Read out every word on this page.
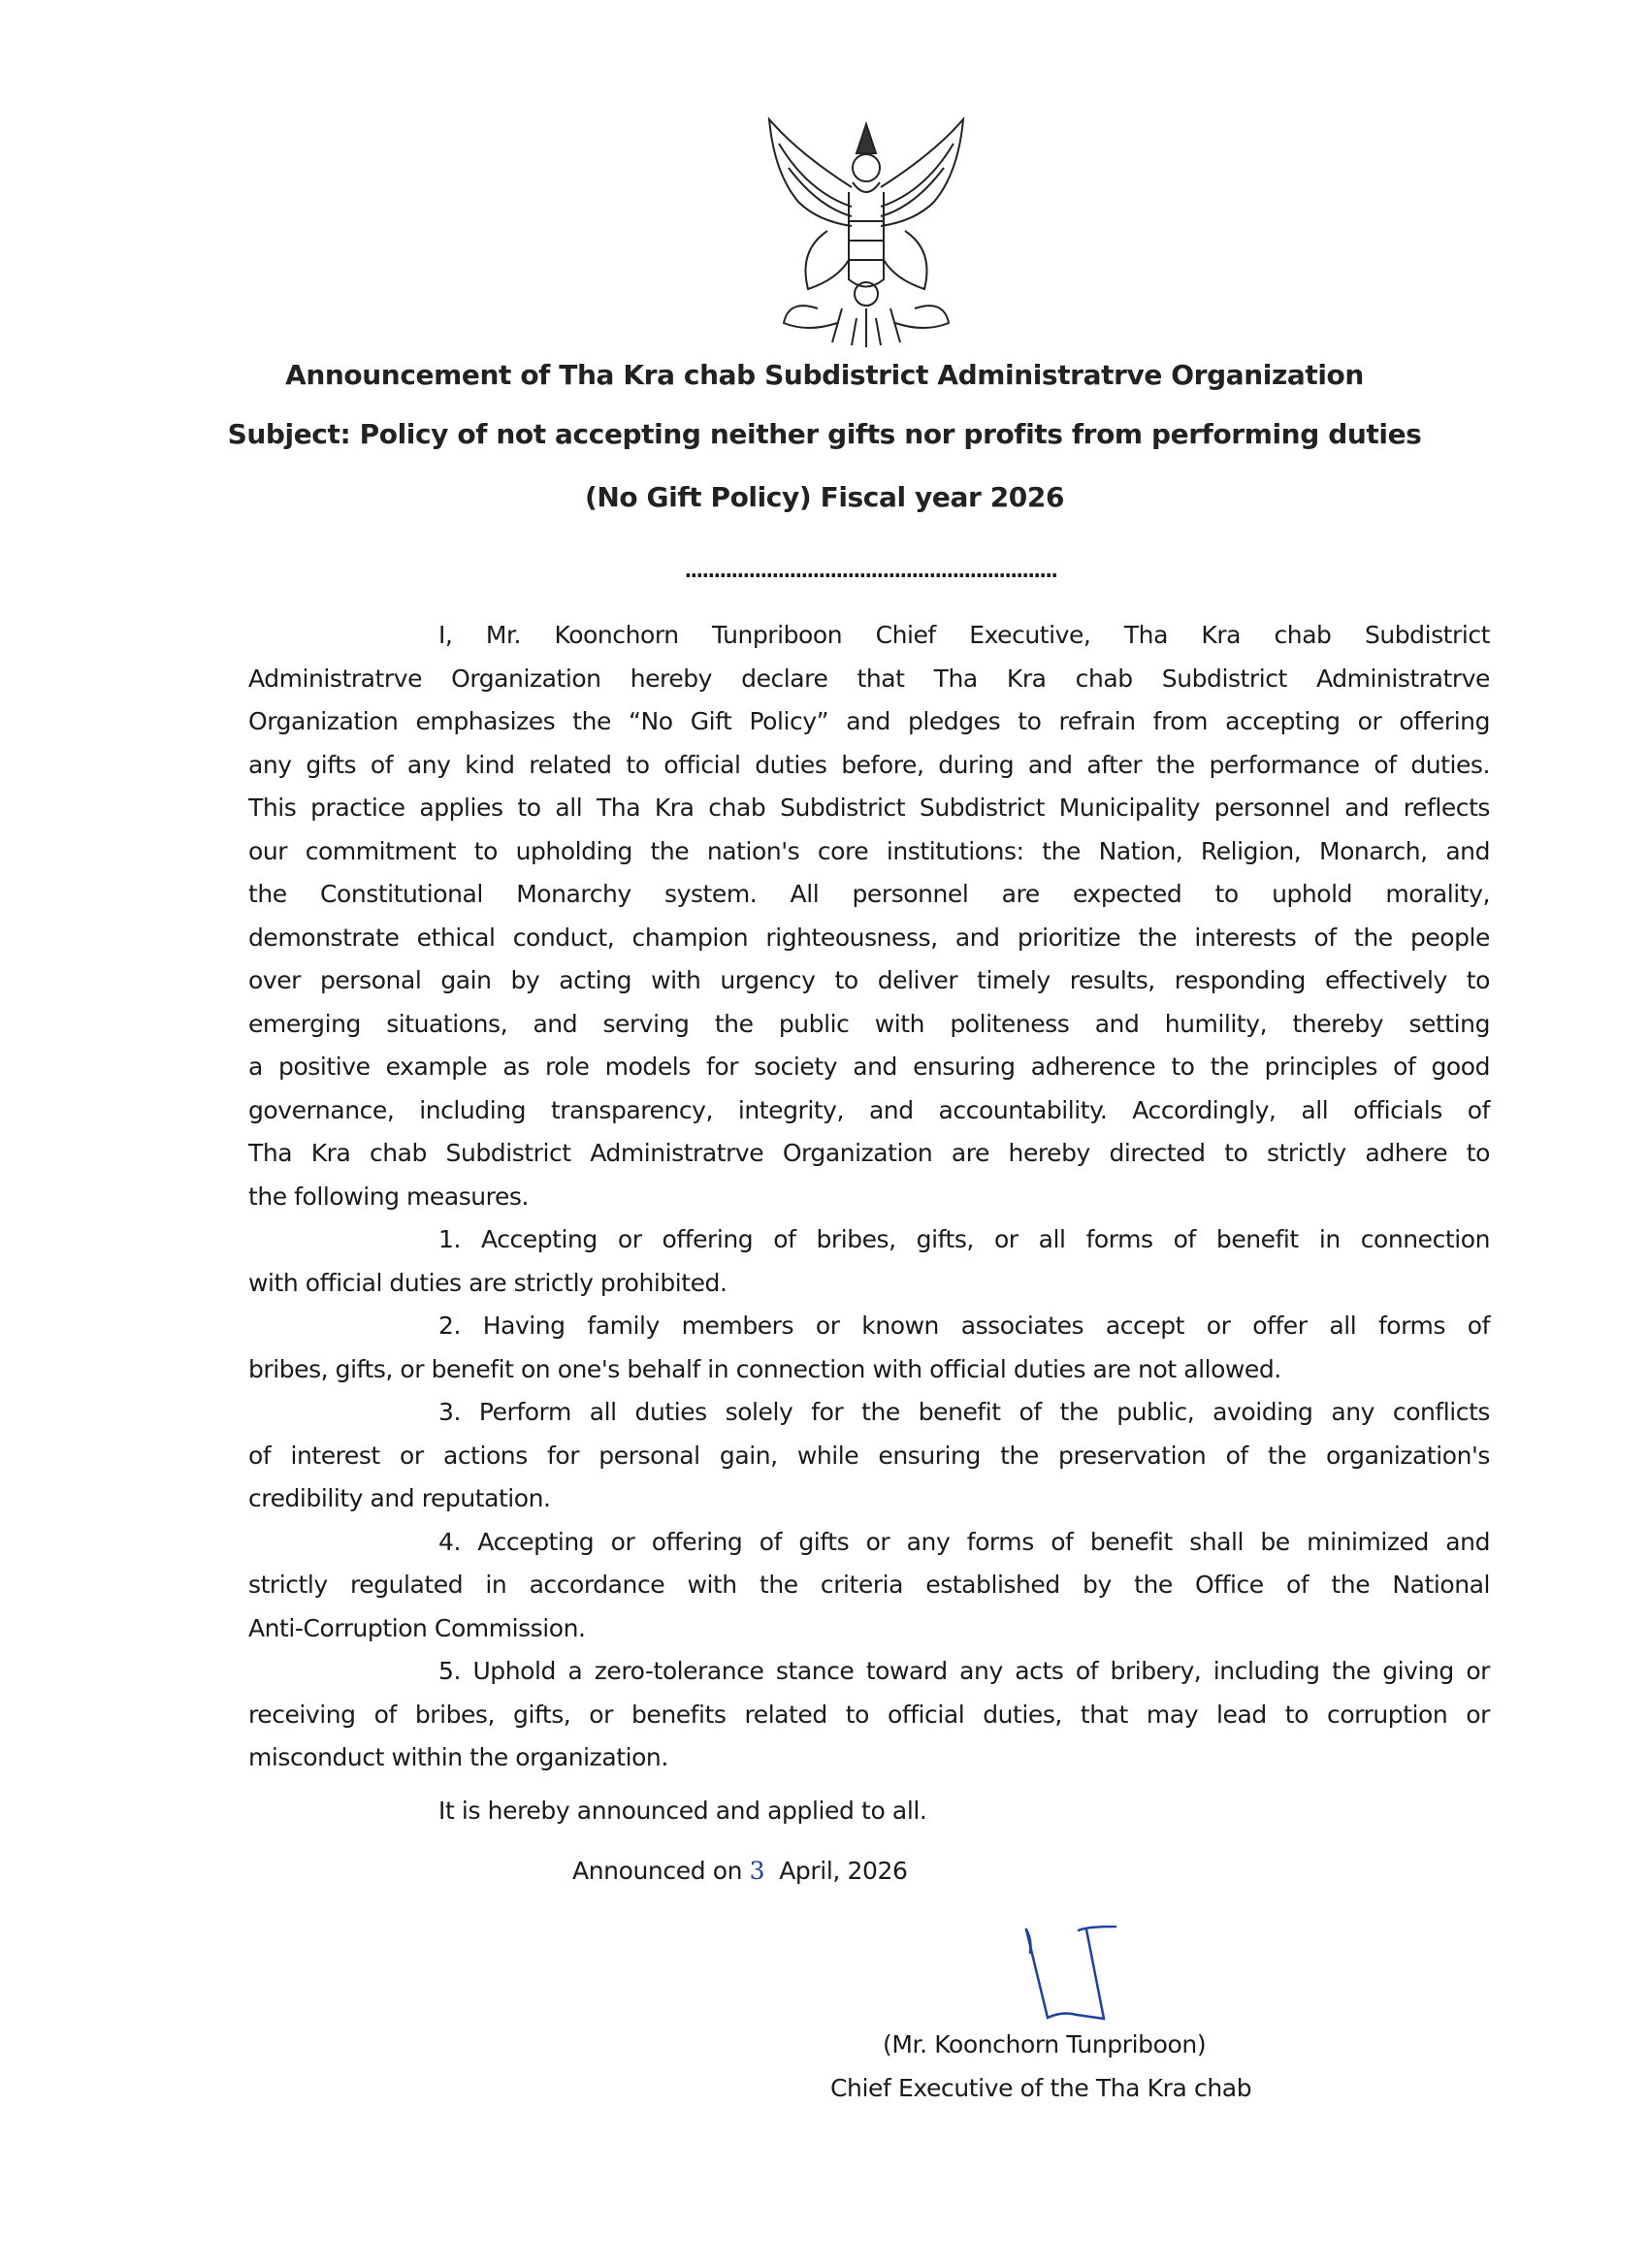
Announcement of Tha Kra chab Subdistrict Administratrve Organization
Subject: Policy of not accepting neither gifts nor profits from performing duties
(No Gift Policy) Fiscal year 2026
................................................................
I, Mr. Koonchorn Tunpriboon Chief Executive, Tha Kra chab Subdistrict
Administratrve Organization hereby declare that Tha Kra chab Subdistrict Administratrve
Organization emphasizes the “No Gift Policy” and pledges to refrain from accepting or offering
any gifts of any kind related to official duties before, during and after the performance of duties.
This practice applies to all Tha Kra chab Subdistrict Subdistrict Municipality personnel and reflects
our commitment to upholding the nation's core institutions: the Nation, Religion, Monarch, and
the Constitutional Monarchy system. All personnel are expected to uphold morality,
demonstrate ethical conduct, champion righteousness, and prioritize the interests of the people
over personal gain by acting with urgency to deliver timely results, responding effectively to
emerging situations, and serving the public with politeness and humility, thereby setting
a positive example as role models for society and ensuring adherence to the principles of good
governance, including transparency, integrity, and accountability. Accordingly, all officials of
Tha Kra chab Subdistrict Administratrve Organization are hereby directed to strictly adhere to
the following measures.
1. Accepting or offering of bribes, gifts, or all forms of benefit in connection
with official duties are strictly prohibited.
2. Having family members or known associates accept or offer all forms of
bribes, gifts, or benefit on one's behalf in connection with official duties are not allowed.
3. Perform all duties solely for the benefit of the public, avoiding any conflicts
of interest or actions for personal gain, while ensuring the preservation of the organization's
credibility and reputation.
4. Accepting or offering of gifts or any forms of benefit shall be minimized and
strictly regulated in accordance with the criteria established by the Office of the National
Anti-Corruption Commission.
5. Uphold a zero-tolerance stance toward any acts of bribery, including the giving or
receiving of bribes, gifts, or benefits related to official duties, that may lead to corruption or
misconduct within the organization.
It is hereby announced and applied to all.
Announced on 3 April, 2026
(Mr. Koonchorn Tunpriboon)
Chief Executive of the Tha Kra chab
